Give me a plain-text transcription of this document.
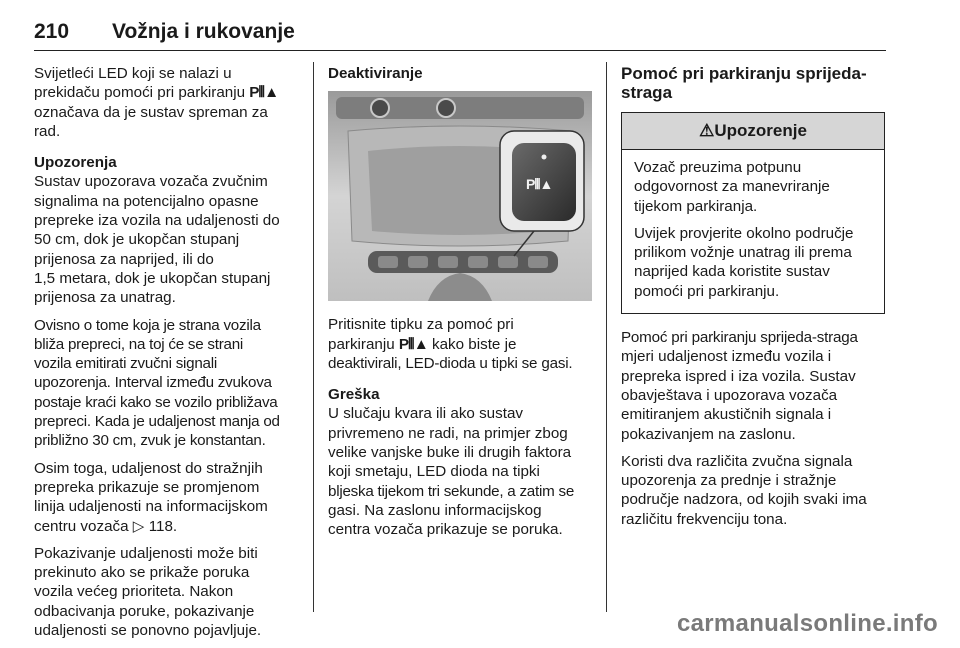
210 Vožnja i rukovanje

Svijetleći LED koji se nalazi u
prekidaču pomoći pri parkiranju P⦀▲
označava da je sustav spreman za
rad.

Upozorenja
Sustav upozorava vozača zvučnim
signalima na potencijalno opasne
prepreke iza vozila na udaljenosti do
50 cm, dok je ukopčan stupanj
prijenosa za naprijed, ili do
1,5 metara, dok je ukopčan stupanj
prijenosa za unatrag.

Ovisno o tome koja je strana vozila
bliža prepreci, na toj će se strani
vozila emitirati zvučni signali
upozorenja. Interval između zvukova
postaje kraći kako se vozilo približava
prepreci. Kada je udaljenost manja od
približno 30 cm, zvuk je konstantan.

Osim toga, udaljenost do stražnjih
prepreka prikazuje se promjenom
linija udaljenosti na informacijskom
centru vozača ▷ 118.

Pokazivanje udaljenosti može biti
prekinuto ako se prikaže poruka
vozila većeg prioriteta. Nakon
odbacivanja poruke, pokazivanje
udaljenosti se ponovno pojavljuje.

Deaktiviranje
P⦀▲

Pritisnite tipku za pomoć pri
parkiranju P⦀▲ kako biste je
deaktivirali, LED-dioda u tipki se gasi.

Greška
U slučaju kvara ili ako sustav
privremeno ne radi, na primjer zbog
velike vanjske buke ili drugih faktora
koji smetaju, LED dioda na tipki
bljeska tijekom tri sekunde, a zatim se
gasi. Na zaslonu informacijskog
centra vozača prikazuje se poruka.

Pomoć pri parkiranju sprijeda-
straga
⚠Upozorenje

Vozač preuzima potpunu
odgovornost za manevriranje
tijekom parkiranja.

Uvijek provjerite okolno područje
prilikom vožnje unatrag ili prema
naprijed kada koristite sustav
pomoći pri parkiranju.

Pomoć pri parkiranju sprijeda-straga
mjeri udaljenost između vozila i
prepreka ispred i iza vozila. Sustav
obavještava i upozorava vozača
emitiranjem akustičnih signala i
pokazivanjem na zaslonu.

Koristi dva različita zvučna signala
upozorenja za prednje i stražnje
područje nadzora, od kojih svaki ima
različitu frekvenciju tona.

carmanualsonline.info
